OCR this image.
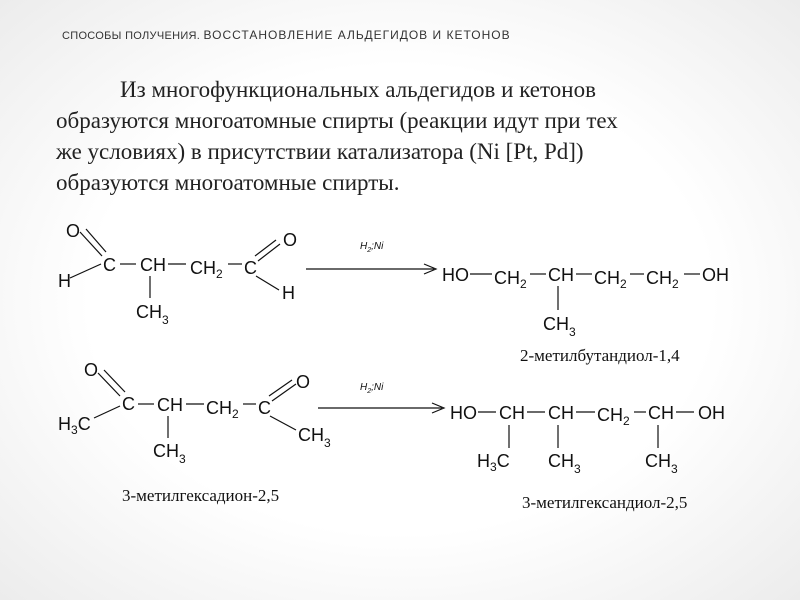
СПОСОБЫ ПОЛУЧЕНИЯ. ВОССТАНОВЛЕНИЕ АЛЬДЕГИДОВ И КЕТОНОВ
Из многофункциональных альдегидов и кетонов
образуются многоатомные спирты (реакции идут при тех
же условиях) в присутствии катализатора (Ni [Pt, Pd])
образуются многоатомные спирты.
O
H
C CH
$CH_3$
$CH_2$ C
O
H
$H_2;Ni$
HO $CH_2$ CH
$CH_3$
$CH_2$ $CH_2$ OH
2-метилбутандиол-1,4
O
C
$H_3C$
CH
$CH_3$
$CH_2$ C
O
$CH_3$
3-метилгексадион-2,5
$H_2;Ni$
HO CH
$H_3C$
CH
$CH_3$
$CH_2$ CH
$CH_3$
OH
3-метилгександиол-2,5
